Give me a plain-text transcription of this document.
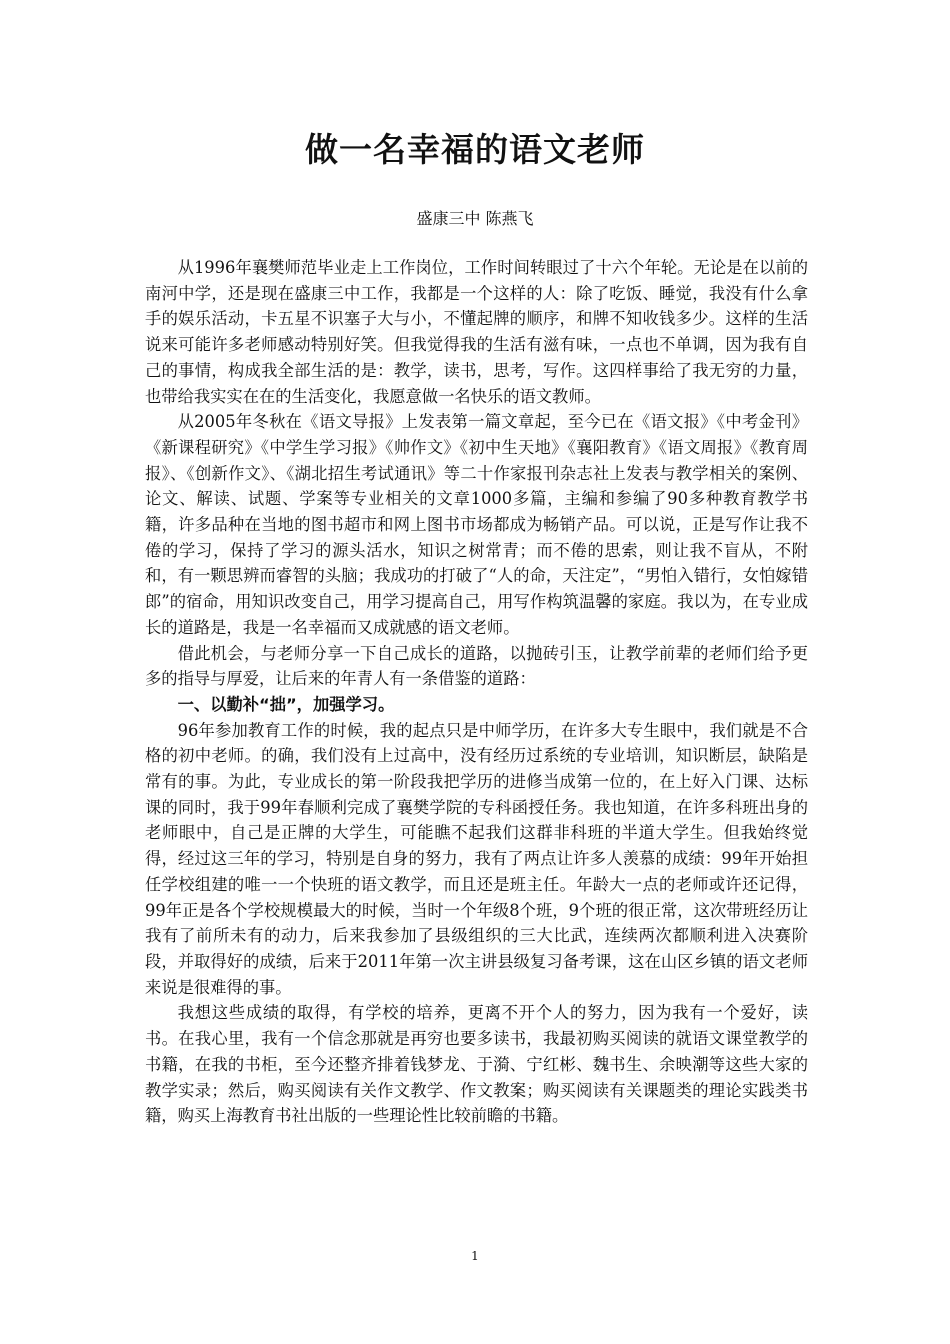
做一名幸福的语文老师
盛康三中 陈燕飞

从1996年襄樊师范毕业走上工作岗位，工作时间转眼过了十六个年轮。无论是在以前的南河中学，还是现在盛康三中工作，我都是一个这样的人：除了吃饭、睡觉，我没有什么拿手的娱乐活动，卡五星不识塞子大与小，不懂起牌的顺序，和牌不知收钱多少。这样的生活说来可能许多老师感动特别好笑。但我觉得我的生活有滋有味，一点也不单调，因为我有自己的事情，构成我全部生活的是：教学，读书，思考，写作。这四样事给了我无穷的力量，也带给我实实在在的生活变化，我愿意做一名快乐的语文教师。

从2005年冬秋在《语文导报》上发表第一篇文章起，至今已在《语文报》《中考金刊》《新课程研究》《中学生学习报》《帅作文》《初中生天地》《襄阳教育》《语文周报》《教育周报》、《创新作文》、《湖北招生考试通讯》等二十作家报刊杂志社上发表与教学相关的案例、论文、解读、试题、学案等专业相关的文章1000多篇，主编和参编了90多种教育教学书籍，许多品种在当地的图书超市和网上图书市场都成为畅销产品。可以说，正是写作让我不倦的学习，保持了学习的源头活水，知识之树常青；而不倦的思索，则让我不盲从，不附和，有一颗思辨而睿智的头脑；我成功的打破了“人的命，天注定”，“男怕入错行，女怕嫁错郎”的宿命，用知识改变自己，用学习提高自己，用写作构筑温馨的家庭。我以为，在专业成长的道路是，我是一名幸福而又成就感的语文老师。

借此机会，与老师分享一下自己成长的道路，以抛砖引玉，让教学前辈的老师们给予更多的指导与厚爱，让后来的年青人有一条借鉴的道路：

一、以勤补“拙”，加强学习。

96年参加教育工作的时候，我的起点只是中师学历，在许多大专生眼中，我们就是不合格的初中老师。的确，我们没有上过高中，没有经历过系统的专业培训，知识断层，缺陷是常有的事。为此，专业成长的第一阶段我把学历的进修当成第一位的，在上好入门课、达标课的同时，我于99年春顺利完成了襄樊学院的专科函授任务。我也知道，在许多科班出身的老师眼中，自己是正牌的大学生，可能瞧不起我们这群非科班的半道大学生。但我始终觉得，经过这三年的学习，特别是自身的努力，我有了两点让许多人羡慕的成绩：99年开始担任学校组建的唯一一个快班的语文教学，而且还是班主任。年龄大一点的老师或许还记得，99年正是各个学校规模最大的时候，当时一个年级8个班，9个班的很正常，这次带班经历让我有了前所未有的动力，后来我参加了县级组织的三大比武，连续两次都顺利进入决赛阶段，并取得好的成绩，后来于2011年第一次主讲县级复习备考课，这在山区乡镇的语文老师来说是很难得的事。

我想这些成绩的取得，有学校的培养，更离不开个人的努力，因为我有一个爱好，读书。在我心里，我有一个信念那就是再穷也要多读书，我最初购买阅读的就语文课堂教学的书籍，在我的书柜，至今还整齐排着钱梦龙、于漪、宁红彬、魏书生、余映潮等这些大家的教学实录；然后，购买阅读有关作文教学、作文教案；购买阅读有关课题类的理论实践类书籍，购买上海教育书社出版的一些理论性比较前瞻的书籍。

1
